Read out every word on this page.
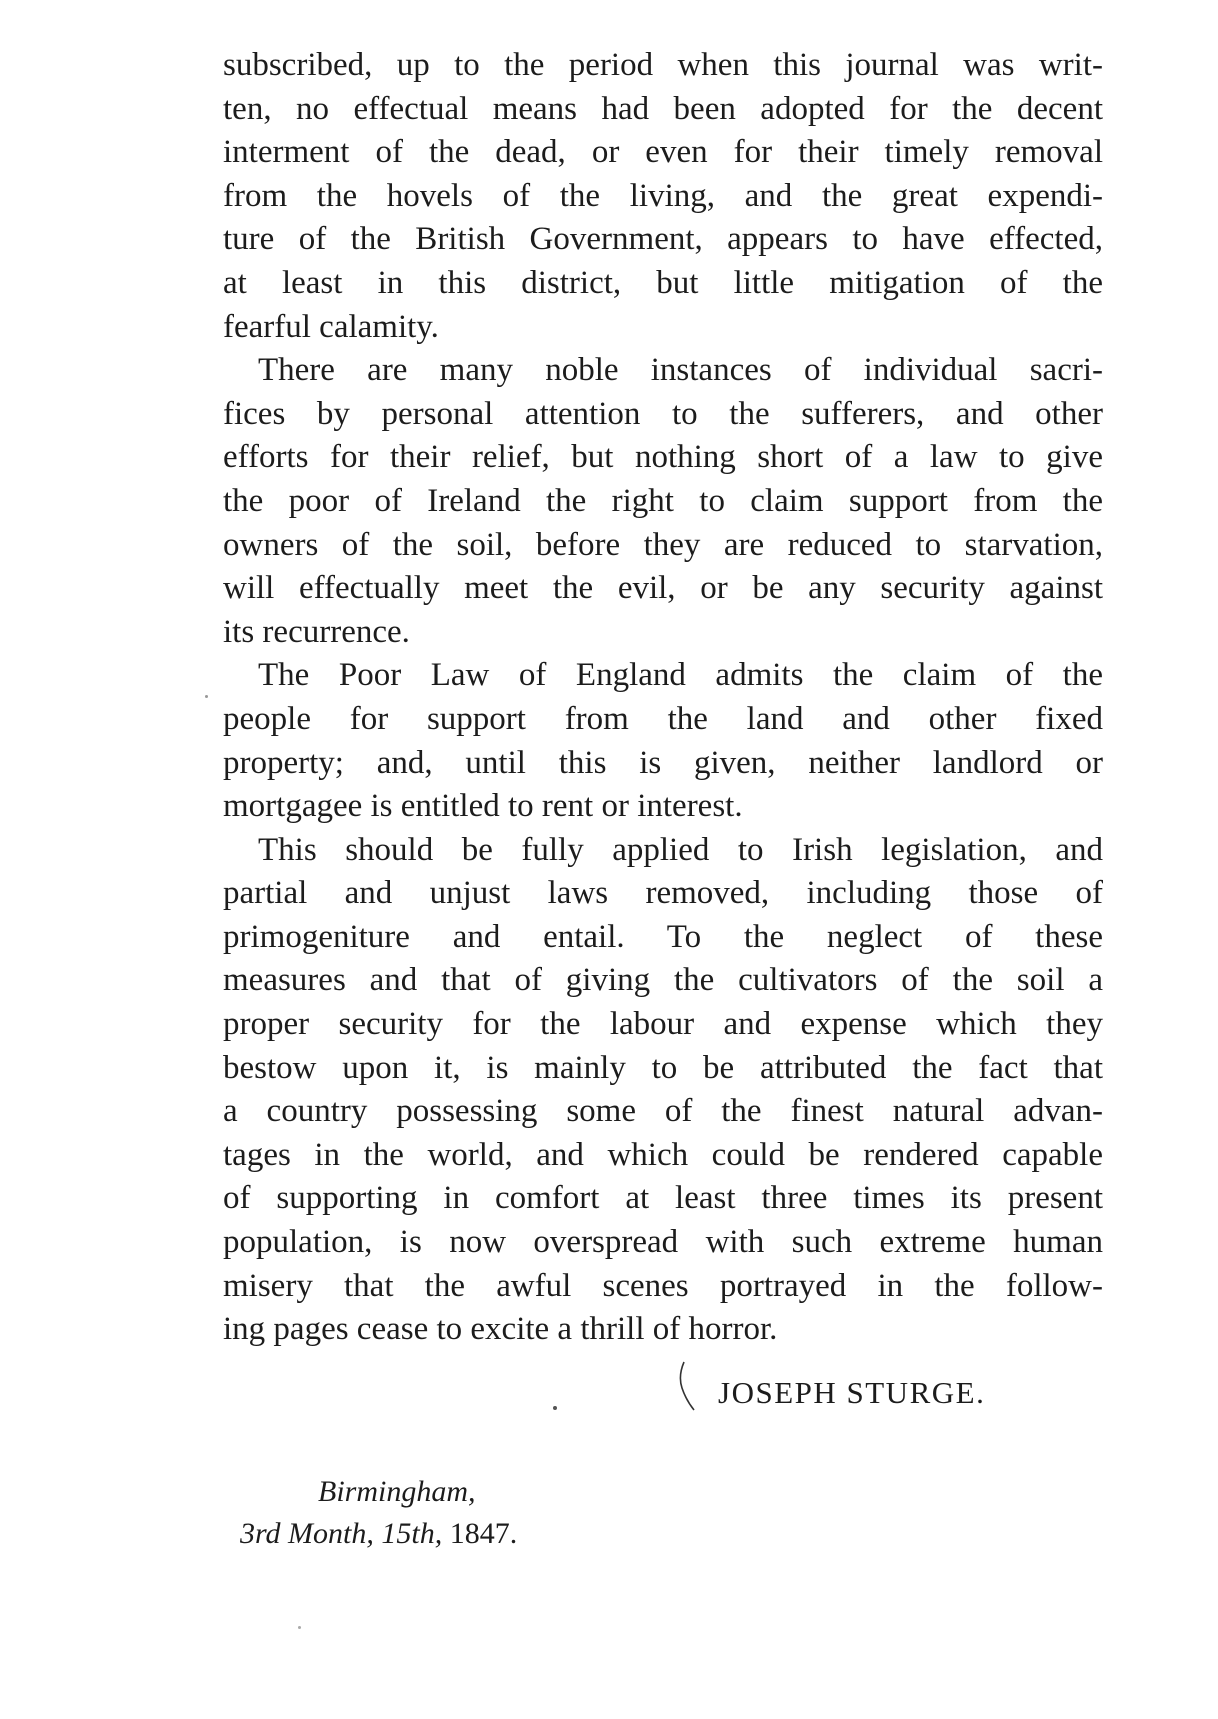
subscribed, up to the period when this journal was writ-
ten, no effectual means had been adopted for the decent
interment of the dead, or even for their timely removal
from the hovels of the living, and the great expendi-
ture of the British Government, appears to have effected,
at least in this district, but little mitigation of the
fearful calamity.
There are many noble instances of individual sacri-
fices by personal attention to the sufferers, and other
efforts for their relief, but nothing short of a law to give
the poor of Ireland the right to claim support from the
owners of the soil, before they are reduced to starvation,
will effectually meet the evil, or be any security against
its recurrence.
The Poor Law of England admits the claim of the
people for support from the land and other fixed
property; and, until this is given, neither landlord or
mortgagee is entitled to rent or interest.
This should be fully applied to Irish legislation, and
partial and unjust laws removed, including those of
primogeniture and entail. To the neglect of these
measures and that of giving the cultivators of the soil a
proper security for the labour and expense which they
bestow upon it, is mainly to be attributed the fact that
a country possessing some of the finest natural advan-
tages in the world, and which could be rendered capable
of supporting in comfort at least three times its present
population, is now overspread with such extreme human
misery that the awful scenes portrayed in the follow-
ing pages cease to excite a thrill of horror.
JOSEPH STURGE.
Birmingham,
3rd Month, 15th, 1847.
